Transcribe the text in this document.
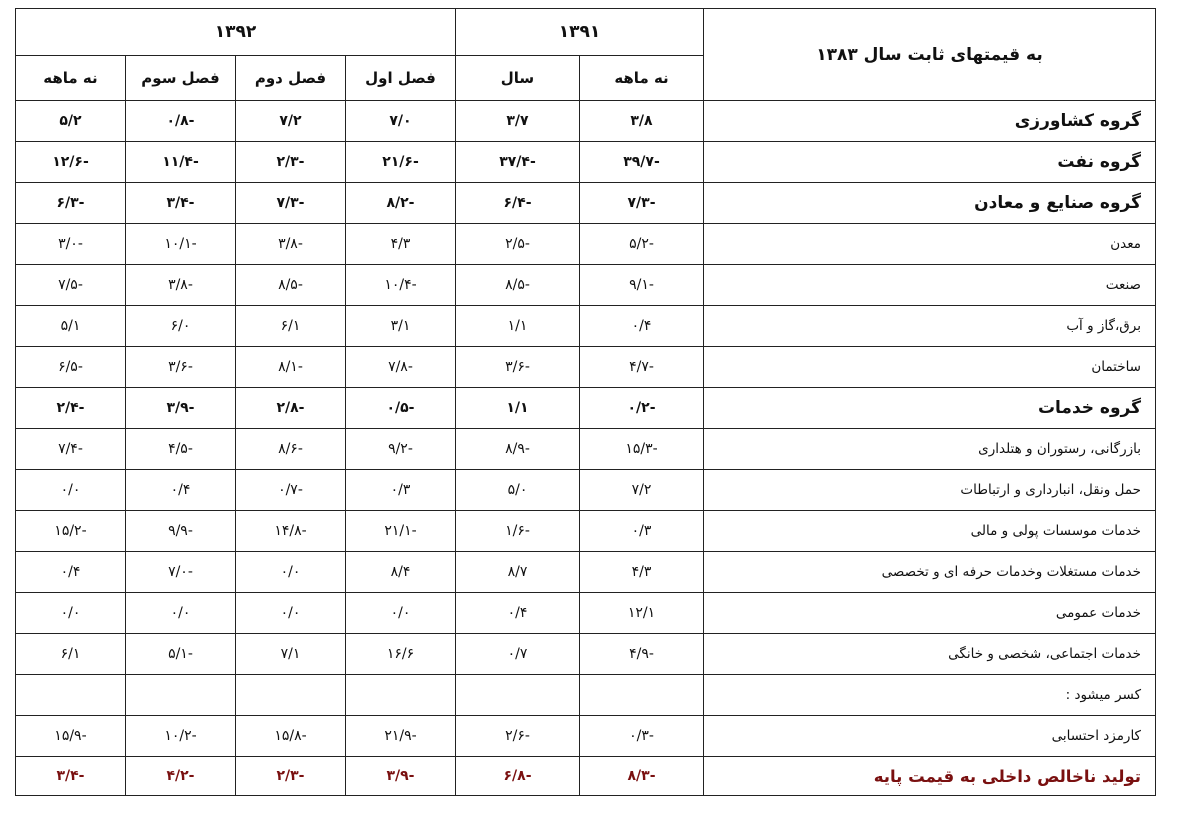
به قیمتهای ثابت سال ۱۳۸۳	۱۳۹۱		۱۳۹۲			
	نه ماهه	سال	فصل اول	فصل دوم	فصل سوم	نه ماهه
گروه کشاورزی	۳/۸	۳/۷	۷/۰	۷/۲	-۰/۸	۵/۲
گروه نفت	-۳۹/۷	-۳۷/۴	-۲۱/۶	-۲/۳	-۱۱/۴	-۱۲/۶
گروه صنایع و معادن	-۷/۳	-۶/۴	-۸/۲	-۷/۳	-۳/۴	-۶/۳
معدن	-۵/۲	-۲/۵	۴/۳	-۳/۸	-۱۰/۱	-۳/۰
صنعت	-۹/۱	-۸/۵	-۱۰/۴	-۸/۵	-۳/۸	-۷/۵
برق،گاز و آب	۰/۴	۱/۱	۳/۱	۶/۱	۶/۰	۵/۱
ساختمان	-۴/۷	-۳/۶	-۷/۸	-۸/۱	-۳/۶	-۶/۵
گروه خدمات	-۰/۲	۱/۱	-۰/۵	-۲/۸	-۳/۹	-۲/۴
بازرگانی، رستوران و هتلداری	-۱۵/۳	-۸/۹	-۹/۲	-۸/۶	-۴/۵	-۷/۴
حمل ونقل، انبارداری و ارتباطات	۷/۲	۵/۰	۰/۳	-۰/۷	۰/۴	۰/۰
خدمات موسسات پولی و مالی	۰/۳	-۱/۶	-۲۱/۱	-۱۴/۸	-۹/۹	-۱۵/۲
خدمات مستغلات وخدمات حرفه ای و تخصصی	۴/۳	۸/۷	۸/۴	۰/۰	-۷/۰	۰/۴
خدمات عمومی	۱۲/۱	۰/۴	۰/۰	۰/۰	۰/۰	۰/۰
خدمات اجتماعی، شخصی و خانگی	-۴/۹	۰/۷	۱۶/۶	۷/۱	-۵/۱	۶/۱
کسر میشود :						
کارمزد احتسابی	-۰/۳	-۲/۶	-۲۱/۹	-۱۵/۸	-۱۰/۲	-۱۵/۹
تولید ناخالص داخلی به قیمت پایه	-۸/۳	-۶/۸	-۳/۹	-۲/۳	-۴/۲	-۳/۴
